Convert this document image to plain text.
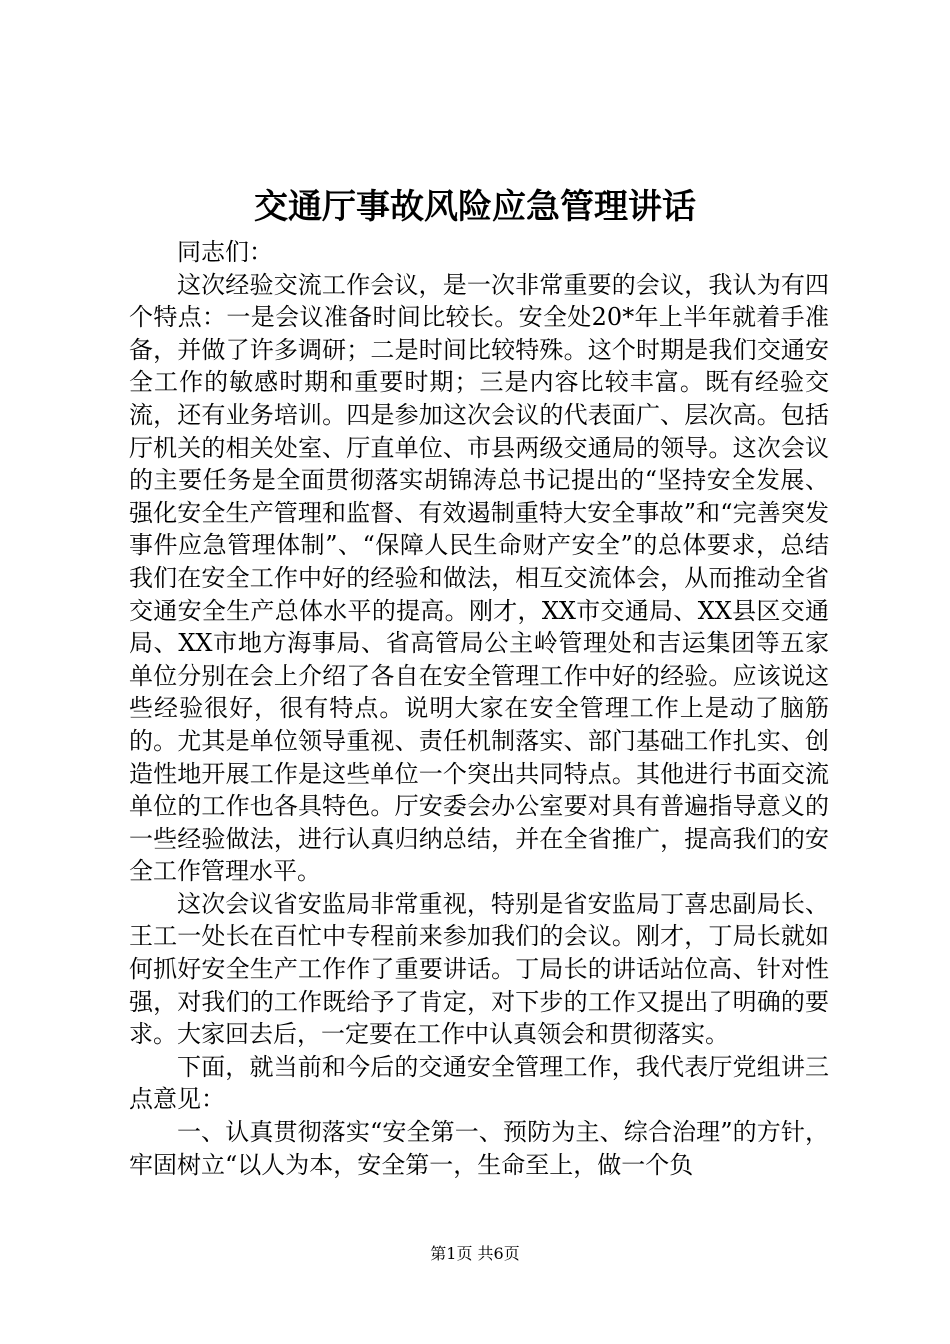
交通厅事故风险应急管理讲话

同志们：

这次经验交流工作会议，是一次非常重要的会议，我认为有四个特点：一是会议准备时间比较长。安全处20*年上半年就着手准备，并做了许多调研；二是时间比较特殊。这个时期是我们交通安全工作的敏感时期和重要时期；三是内容比较丰富。既有经验交流，还有业务培训。四是参加这次会议的代表面广、层次高。包括厅机关的相关处室、厅直单位、市县两级交通局的领导。这次会议的主要任务是全面贯彻落实胡锦涛总书记提出的“坚持安全发展、强化安全生产管理和监督、有效遏制重特大安全事故”和“完善突发事件应急管理体制”、“保障人民生命财产安全”的总体要求，总结我们在安全工作中好的经验和做法，相互交流体会，从而推动全省交通安全生产总体水平的提高。刚才，XX市交通局、XX县区交通局、XX市地方海事局、省高管局公主岭管理处和吉运集团等五家单位分别在会上介绍了各自在安全管理工作中好的经验。应该说这些经验很好，很有特点。说明大家在安全管理工作上是动了脑筋的。尤其是单位领导重视、责任机制落实、部门基础工作扎实、创造性地开展工作是这些单位一个突出共同特点。其他进行书面交流单位的工作也各具特色。厅安委会办公室要对具有普遍指导意义的一些经验做法，进行认真归纳总结，并在全省推广，提高我们的安全工作管理水平。

这次会议省安监局非常重视，特别是省安监局丁喜忠副局长、王工一处长在百忙中专程前来参加我们的会议。刚才，丁局长就如何抓好安全生产工作作了重要讲话。丁局长的讲话站位高、针对性强，对我们的工作既给予了肯定，对下步的工作又提出了明确的要求。大家回去后，一定要在工作中认真领会和贯彻落实。

下面，就当前和今后的交通安全管理工作，我代表厅党组讲三点意见：

一、认真贯彻落实“安全第一、预防为主、综合治理”的方针，牢固树立“以人为本，安全第一，生命至上，做一个负

第1页 共6页
